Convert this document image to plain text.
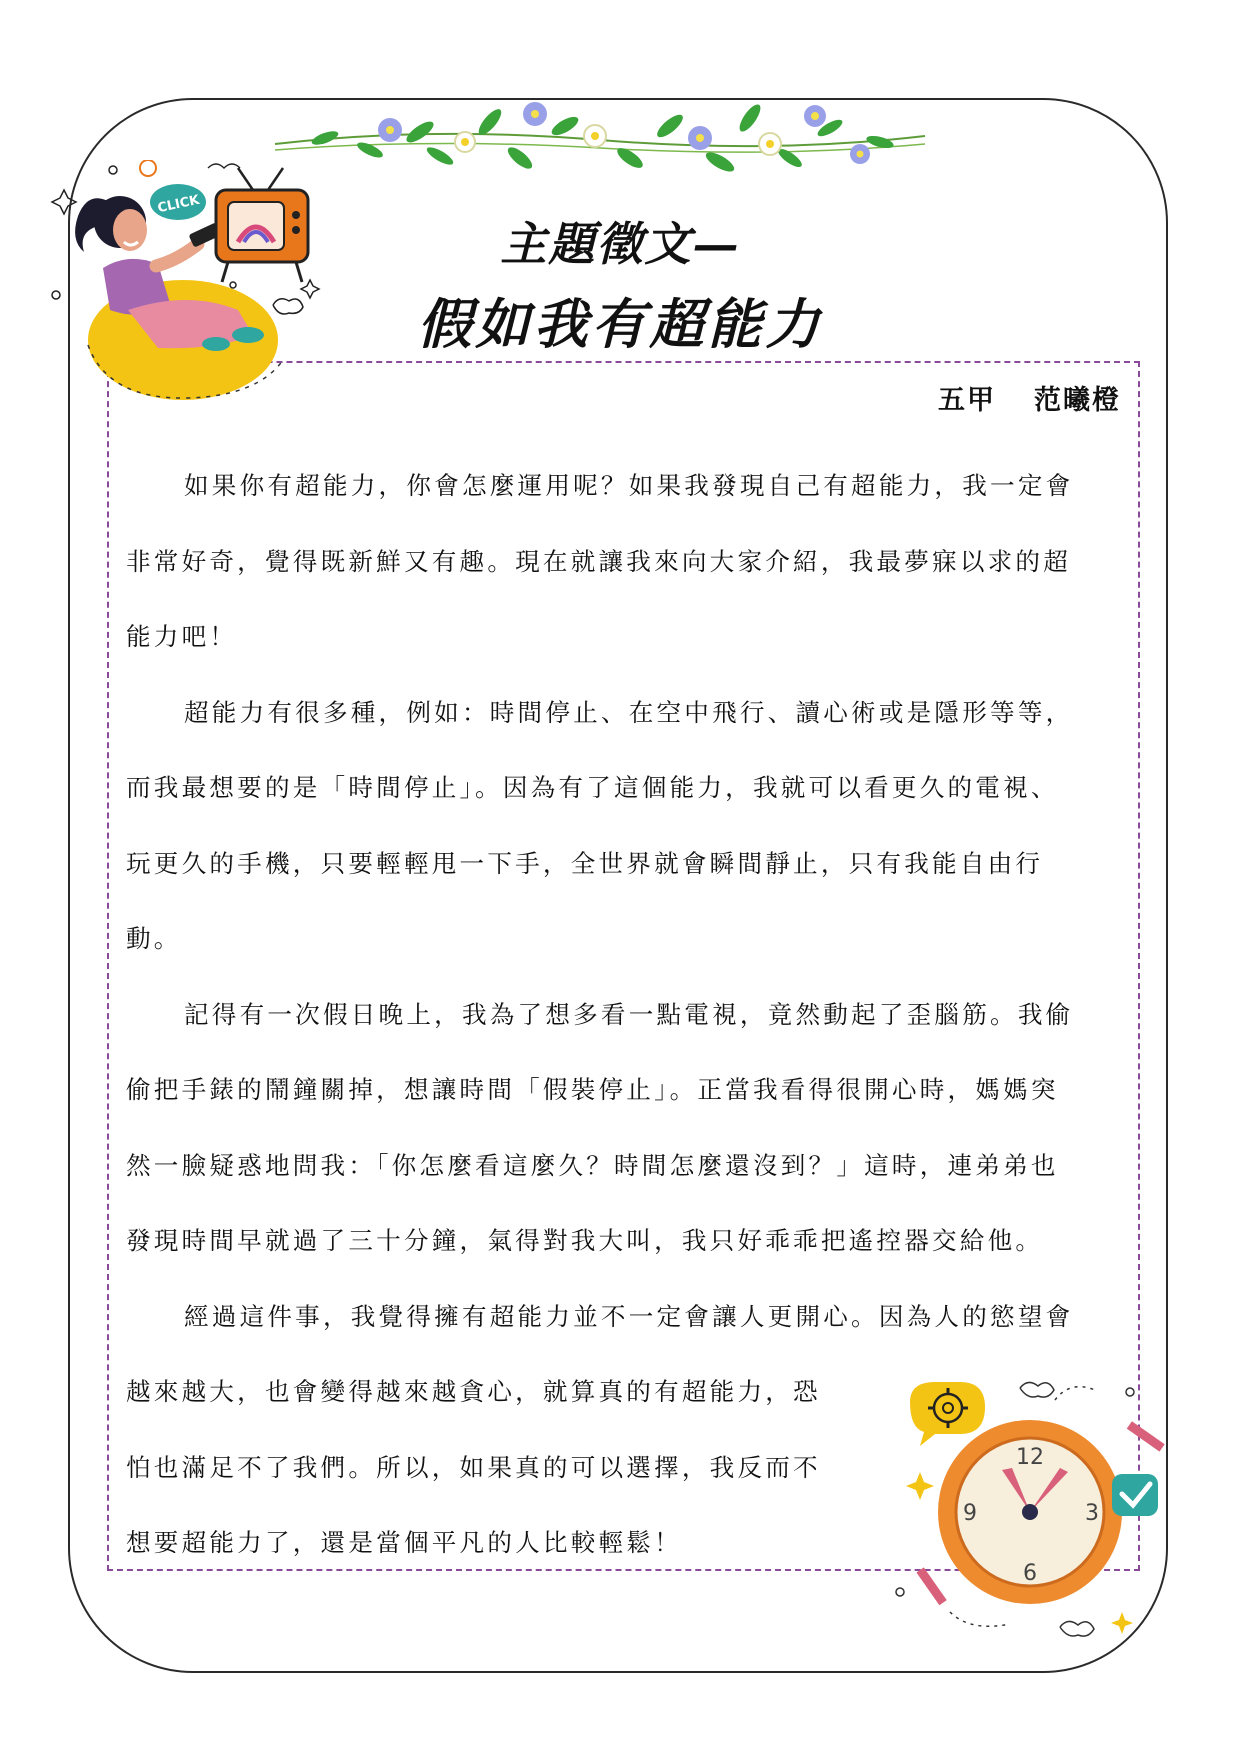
CLICK
12
3
6
9
主題徵文—
假如我有超能力
五甲 范曦橙
如果你有超能力，你會怎麼運用呢？如果我發現自己有超能力，我一定會
非常好奇，覺得既新鮮又有趣。現在就讓我來向大家介紹，我最夢寐以求的超
能力吧！
超能力有很多種，例如：時間停止、在空中飛行、讀心術或是隱形等等，
而我最想要的是「時間停止」。因為有了這個能力，我就可以看更久的電視、
玩更久的手機，只要輕輕甩一下手，全世界就會瞬間靜止，只有我能自由行
動。
記得有一次假日晚上，我為了想多看一點電視，竟然動起了歪腦筋。我偷
偷把手錶的鬧鐘關掉，想讓時間「假裝停止」。正當我看得很開心時，媽媽突
然一臉疑惑地問我：「你怎麼看這麼久？時間怎麼還沒到？」這時，連弟弟也
發現時間早就過了三十分鐘，氣得對我大叫，我只好乖乖把遙控器交給他。
經過這件事，我覺得擁有超能力並不一定會讓人更開心。因為人的慾望會
越來越大，也會變得越來越貪心，就算真的有超能力，恐
怕也滿足不了我們。所以，如果真的可以選擇，我反而不
想要超能力了，還是當個平凡的人比較輕鬆！
